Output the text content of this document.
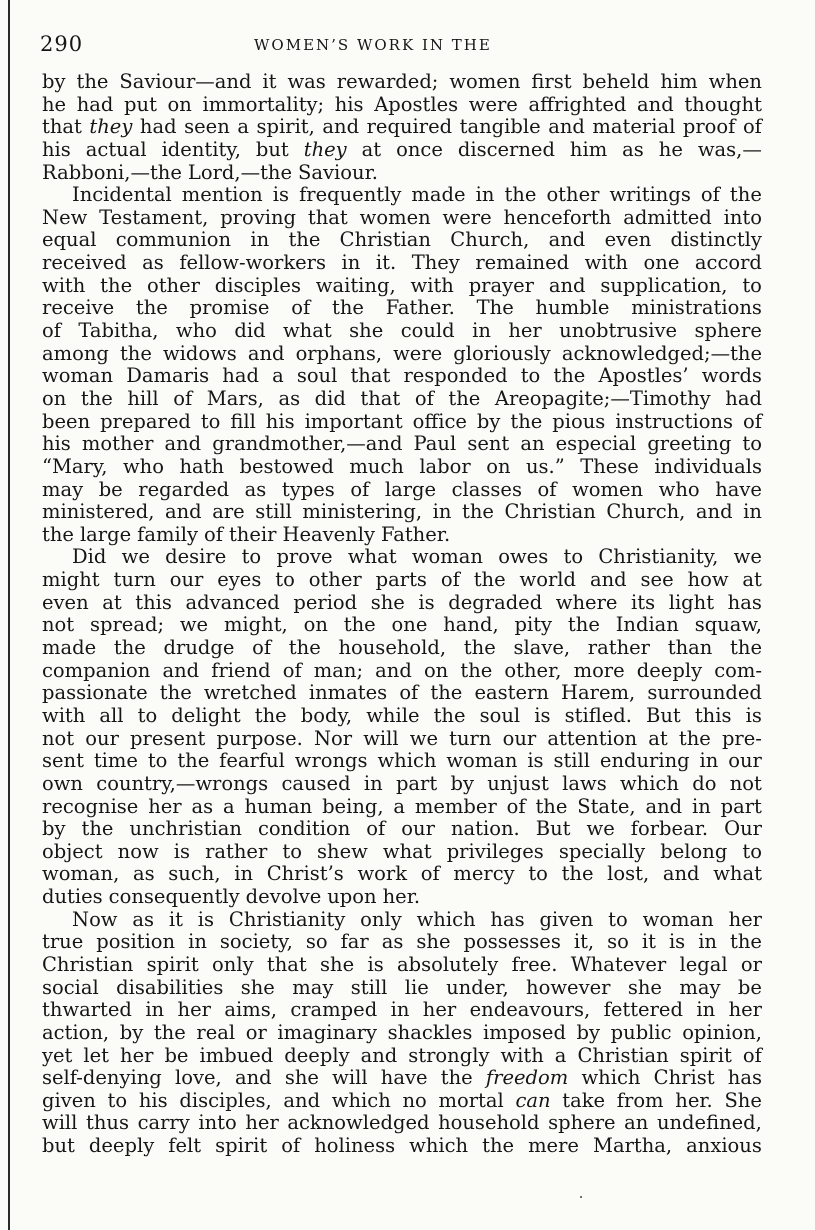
290	WOMEN’S WORK IN THE
by the Saviour—and it was rewarded; women first beheld him when
he had put on immortality; his Apostles were affrighted and thought
that they had seen a spirit, and required tangible and material proof of
his actual identity, but they at once discerned him as he was,—
Rabboni,—the Lord,—the Saviour.
Incidental mention is frequently made in the other writings of the
New Testament, proving that women were henceforth admitted into
equal communion in the Christian Church, and even distinctly
received as fellow-workers in it. They remained with one accord
with the other disciples waiting, with prayer and supplication, to
receive the promise of the Father. The humble ministrations
of Tabitha, who did what she could in her unobtrusive sphere
among the widows and orphans, were gloriously acknowledged;—the
woman Damaris had a soul that responded to the Apostles’ words
on the hill of Mars, as did that of the Areopagite;—Timothy had
been prepared to fill his important office by the pious instructions of
his mother and grandmother,—and Paul sent an especial greeting to
“Mary, who hath bestowed much labor on us.” These individuals
may be regarded as types of large classes of women who have
ministered, and are still ministering, in the Christian Church, and in
the large family of their Heavenly Father.
Did we desire to prove what woman owes to Christianity, we
might turn our eyes to other parts of the world and see how at
even at this advanced period she is degraded where its light has
not spread; we might, on the one hand, pity the Indian squaw,
made the drudge of the household, the slave, rather than the
companion and friend of man; and on the other, more deeply com-
passionate the wretched inmates of the eastern Harem, surrounded
with all to delight the body, while the soul is stifled. But this is
not our present purpose. Nor will we turn our attention at the pre-
sent time to the fearful wrongs which woman is still enduring in our
own country,—wrongs caused in part by unjust laws which do not
recognise her as a human being, a member of the State, and in part
by the unchristian condition of our nation. But we forbear. Our
object now is rather to shew what privileges specially belong to
woman, as such, in Christ’s work of mercy to the lost, and what
duties consequently devolve upon her.
Now as it is Christianity only which has given to woman her
true position in society, so far as she possesses it, so it is in the
Christian spirit only that she is absolutely free. Whatever legal or
social disabilities she may still lie under, however she may be
thwarted in her aims, cramped in her endeavours, fettered in her
action, by the real or imaginary shackles imposed by public opinion,
yet let her be imbued deeply and strongly with a Christian spirit of
self-denying love, and she will have the freedom which Christ has
given to his disciples, and which no mortal can take from her. She
will thus carry into her acknowledged household sphere an undefined,
but deeply felt spirit of holiness which the mere Martha, anxious
